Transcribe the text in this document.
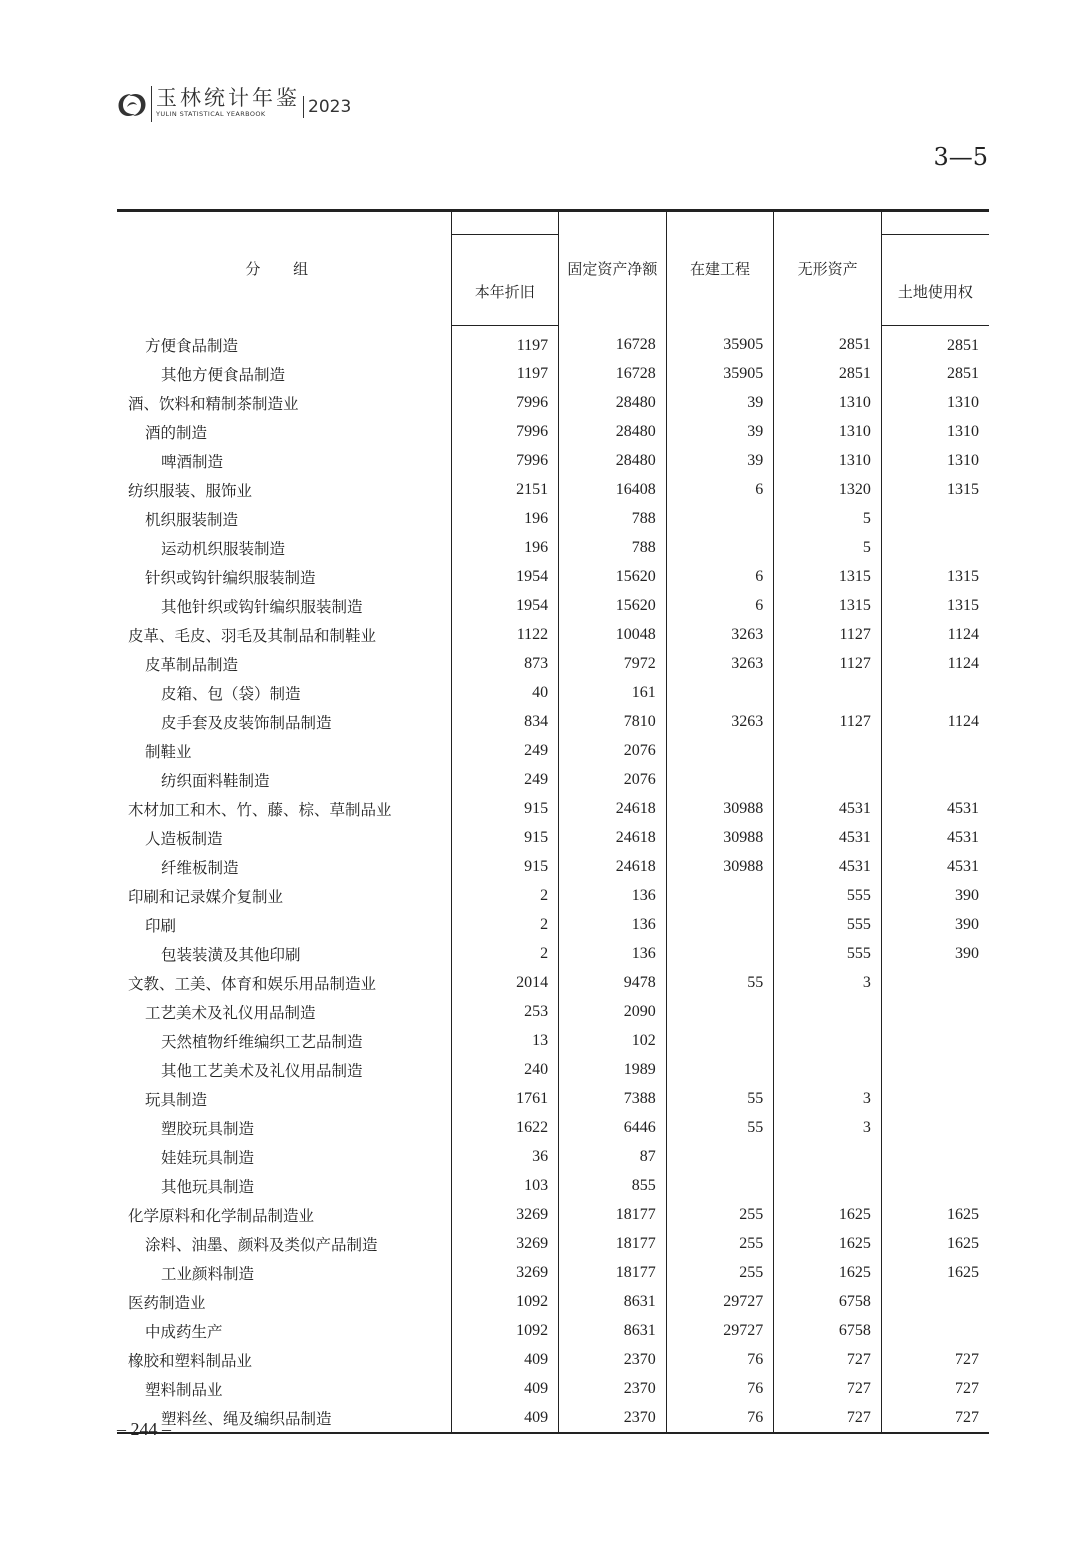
玉林统计年鉴
YULIN STATISTICAL YEARBOOK	2023
3—5
分 组		固定资产净额	在建工程	无形资产	
	本年折旧				土地使用权
方便食品制造	1197	16728	35905	2851	2851
其他方便食品制造	1197	16728	35905	2851	2851
酒、饮料和精制茶制造业	7996	28480	39	1310	1310
酒的制造	7996	28480	39	1310	1310
啤酒制造	7996	28480	39	1310	1310
纺织服装、服饰业	2151	16408	6	1320	1315
机织服装制造	196	788		5	
运动机织服装制造	196	788		5	
针织或钩针编织服装制造	1954	15620	6	1315	1315
其他针织或钩针编织服装制造	1954	15620	6	1315	1315
皮革、毛皮、羽毛及其制品和制鞋业	1122	10048	3263	1127	1124
皮革制品制造	873	7972	3263	1127	1124
皮箱、包（袋）制造	40	161			
皮手套及皮装饰制品制造	834	7810	3263	1127	1124
制鞋业	249	2076			
纺织面料鞋制造	249	2076			
木材加工和木、竹、藤、棕、草制品业	915	24618	30988	4531	4531
人造板制造	915	24618	30988	4531	4531
纤维板制造	915	24618	30988	4531	4531
印刷和记录媒介复制业	2	136		555	390
印刷	2	136		555	390
包装装潢及其他印刷	2	136		555	390
文教、工美、体育和娱乐用品制造业	2014	9478	55	3	
工艺美术及礼仪用品制造	253	2090			
天然植物纤维编织工艺品制造	13	102			
其他工艺美术及礼仪用品制造	240	1989			
玩具制造	1761	7388	55	3	
塑胶玩具制造	1622	6446	55	3	
娃娃玩具制造	36	87			
其他玩具制造	103	855			
化学原料和化学制品制造业	3269	18177	255	1625	1625
涂料、油墨、颜料及类似产品制造	3269	18177	255	1625	1625
工业颜料制造	3269	18177	255	1625	1625
医药制造业	1092	8631	29727	6758	
中成药生产	1092	8631	29727	6758	
橡胶和塑料制品业	409	2370	76	727	727
塑料制品业	409	2370	76	727	727
塑料丝、绳及编织品制造	409	2370	76	727	727
– 244 –
